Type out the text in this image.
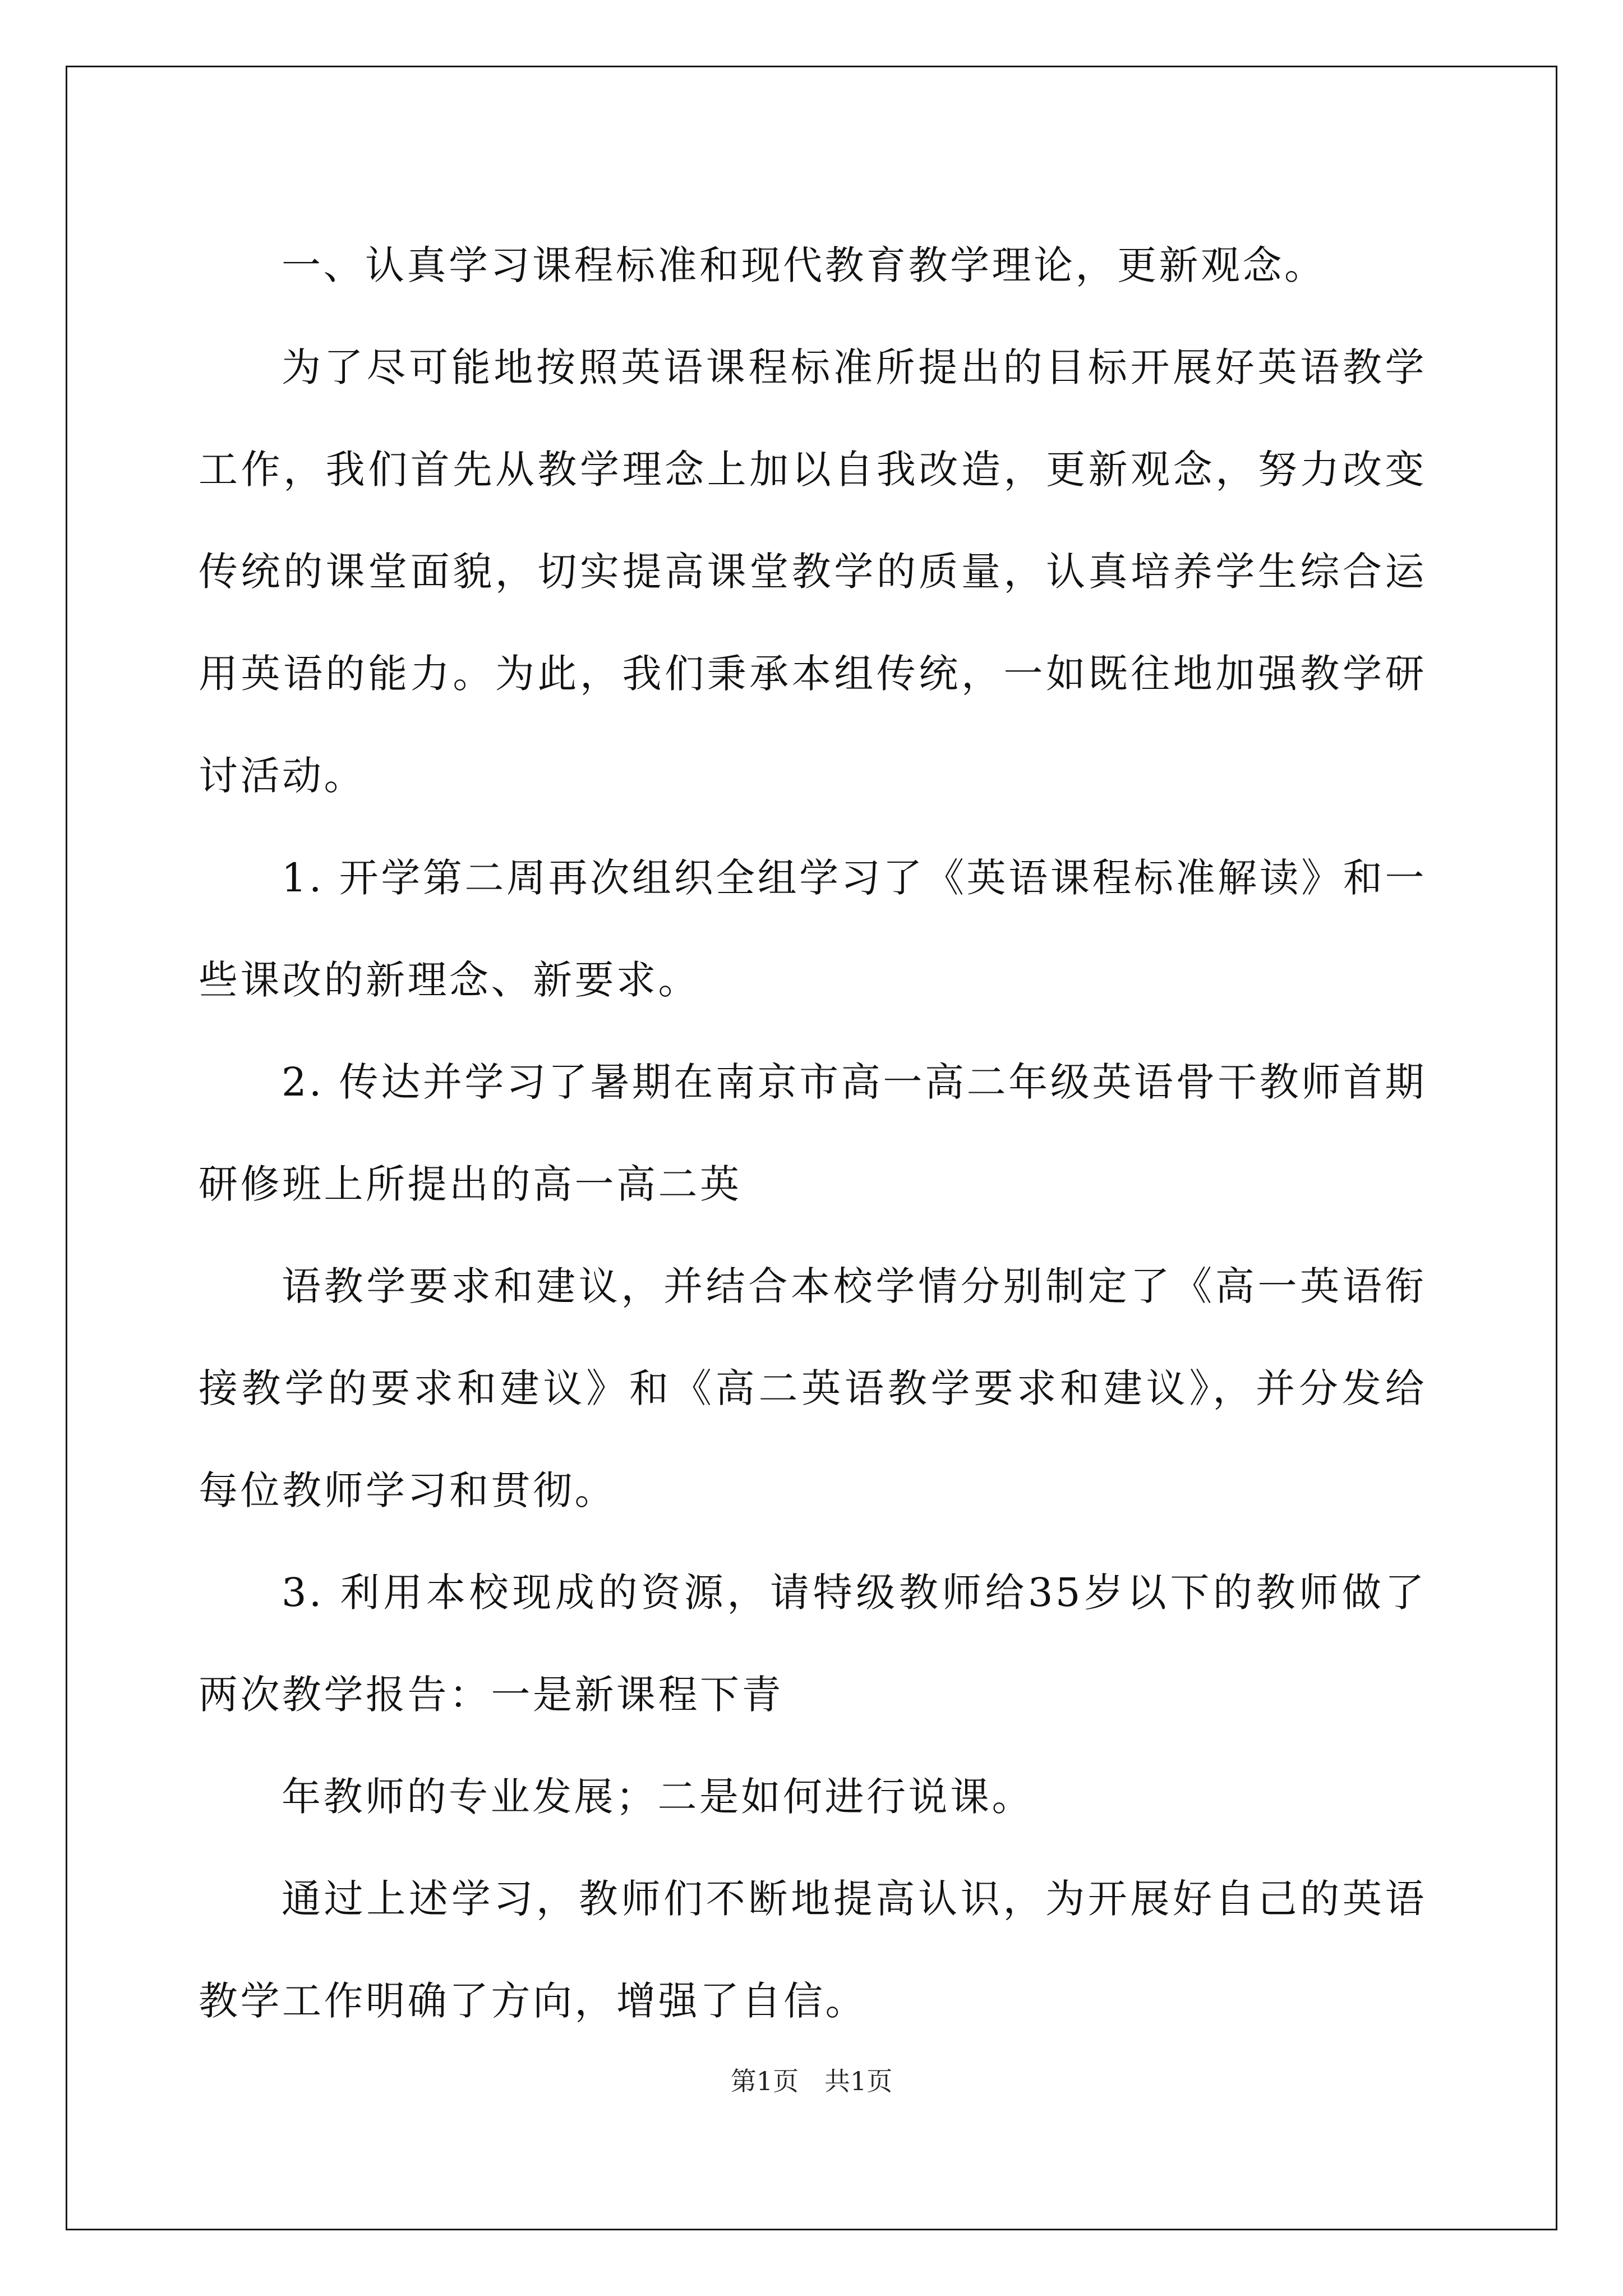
一、认真学习课程标准和现代教育教学理论，更新观念。

为了尽可能地按照英语课程标准所提出的目标开展好英语教学工作，我们首先从教学理念上加以自我改造，更新观念，努力改变传统的课堂面貌，切实提高课堂教学的质量，认真培养学生综合运用英语的能力。为此，我们秉承本组传统，一如既往地加强教学研讨活动。

1. 开学第二周再次组织全组学习了《英语课程标准解读》和一些课改的新理念、新要求。

2. 传达并学习了暑期在南京市高一高二年级英语骨干教师首期研修班上所提出的高一高二英

语教学要求和建议，并结合本校学情分别制定了《高一英语衔接教学的要求和建议》和《高二英语教学要求和建议》，并分发给每位教师学习和贯彻。

3. 利用本校现成的资源，请特级教师给35岁以下的教师做了两次教学报告：一是新课程下青

年教师的专业发展；二是如何进行说课。

通过上述学习，教师们不断地提高认识，为开展好自己的英语教学工作明确了方向，增强了自信。

第1页　共1页
